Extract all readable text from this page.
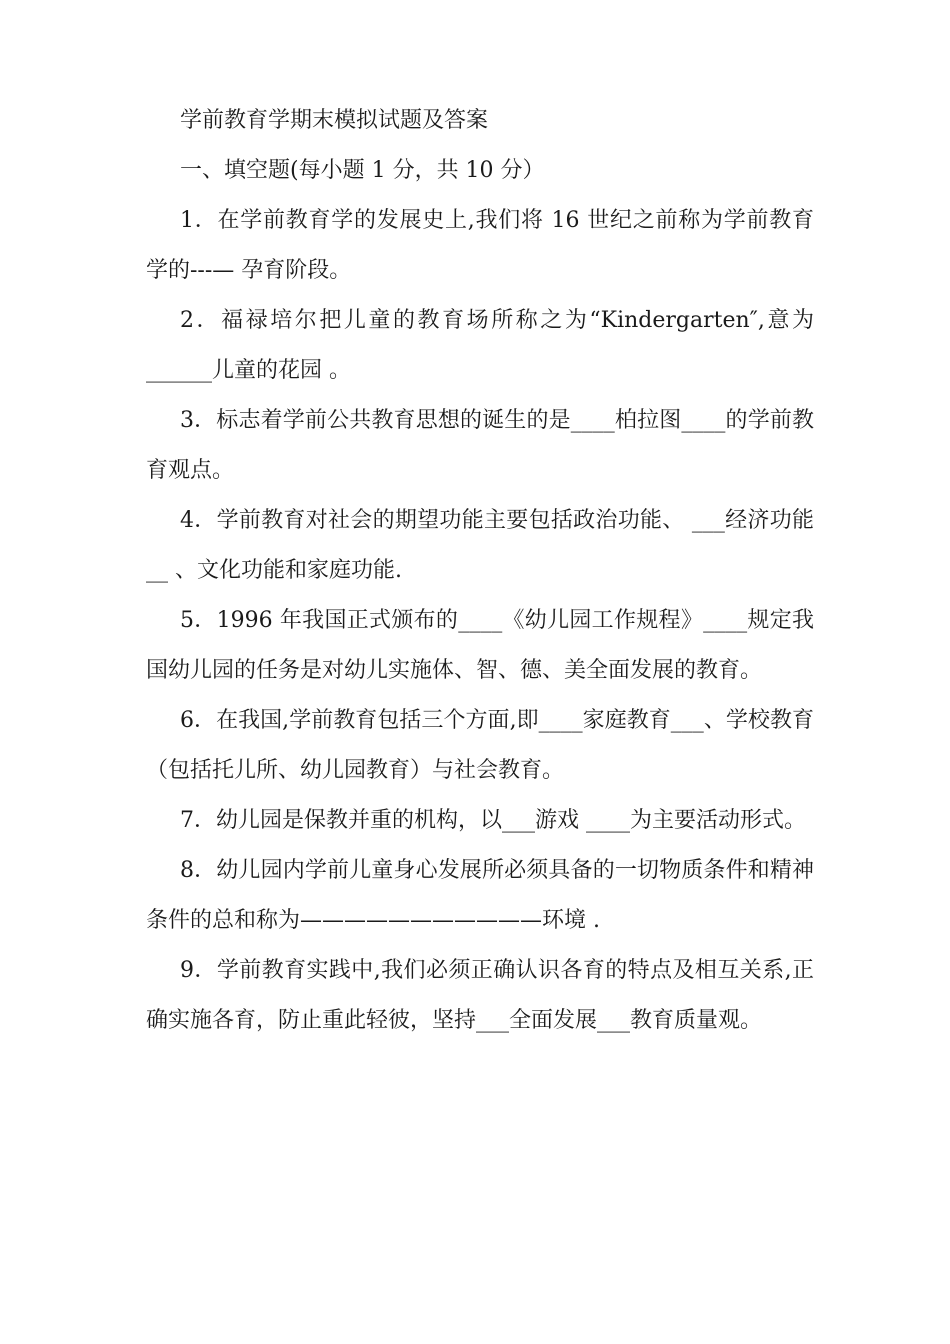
学前教育学期末模拟试题及答案

一、填空题(每小题 1 分，共 10 分）

1．在学前教育学的发展史上,我们将 16 世纪之前称为学前教育学的---— 孕育阶段。

2．福禄培尔把儿童的教育场所称之为“Kindergarten″,意为______儿童的花园 。

3．标志着学前公共教育思想的诞生的是____柏拉图____的学前教育观点。

4．学前教育对社会的期望功能主要包括政治功能、 ___经济功能__ 、文化功能和家庭功能.

5．1996 年我国正式颁布的____《幼儿园工作规程》____规定我国幼儿园的任务是对幼儿实施体、智、德、美全面发展的教育。

6．在我国,学前教育包括三个方面,即____家庭教育___、学校教育（包括托儿所、幼儿园教育）与社会教育。

7．幼儿园是保教并重的机构，以___游戏 ____为主要活动形式。

8．幼儿园内学前儿童身心发展所必须具备的一切物质条件和精神条件的总和称为———————————环境 .

9．学前教育实践中,我们必须正确认识各育的特点及相互关系,正确实施各育，防止重此轻彼，坚持___全面发展___教育质量观。
